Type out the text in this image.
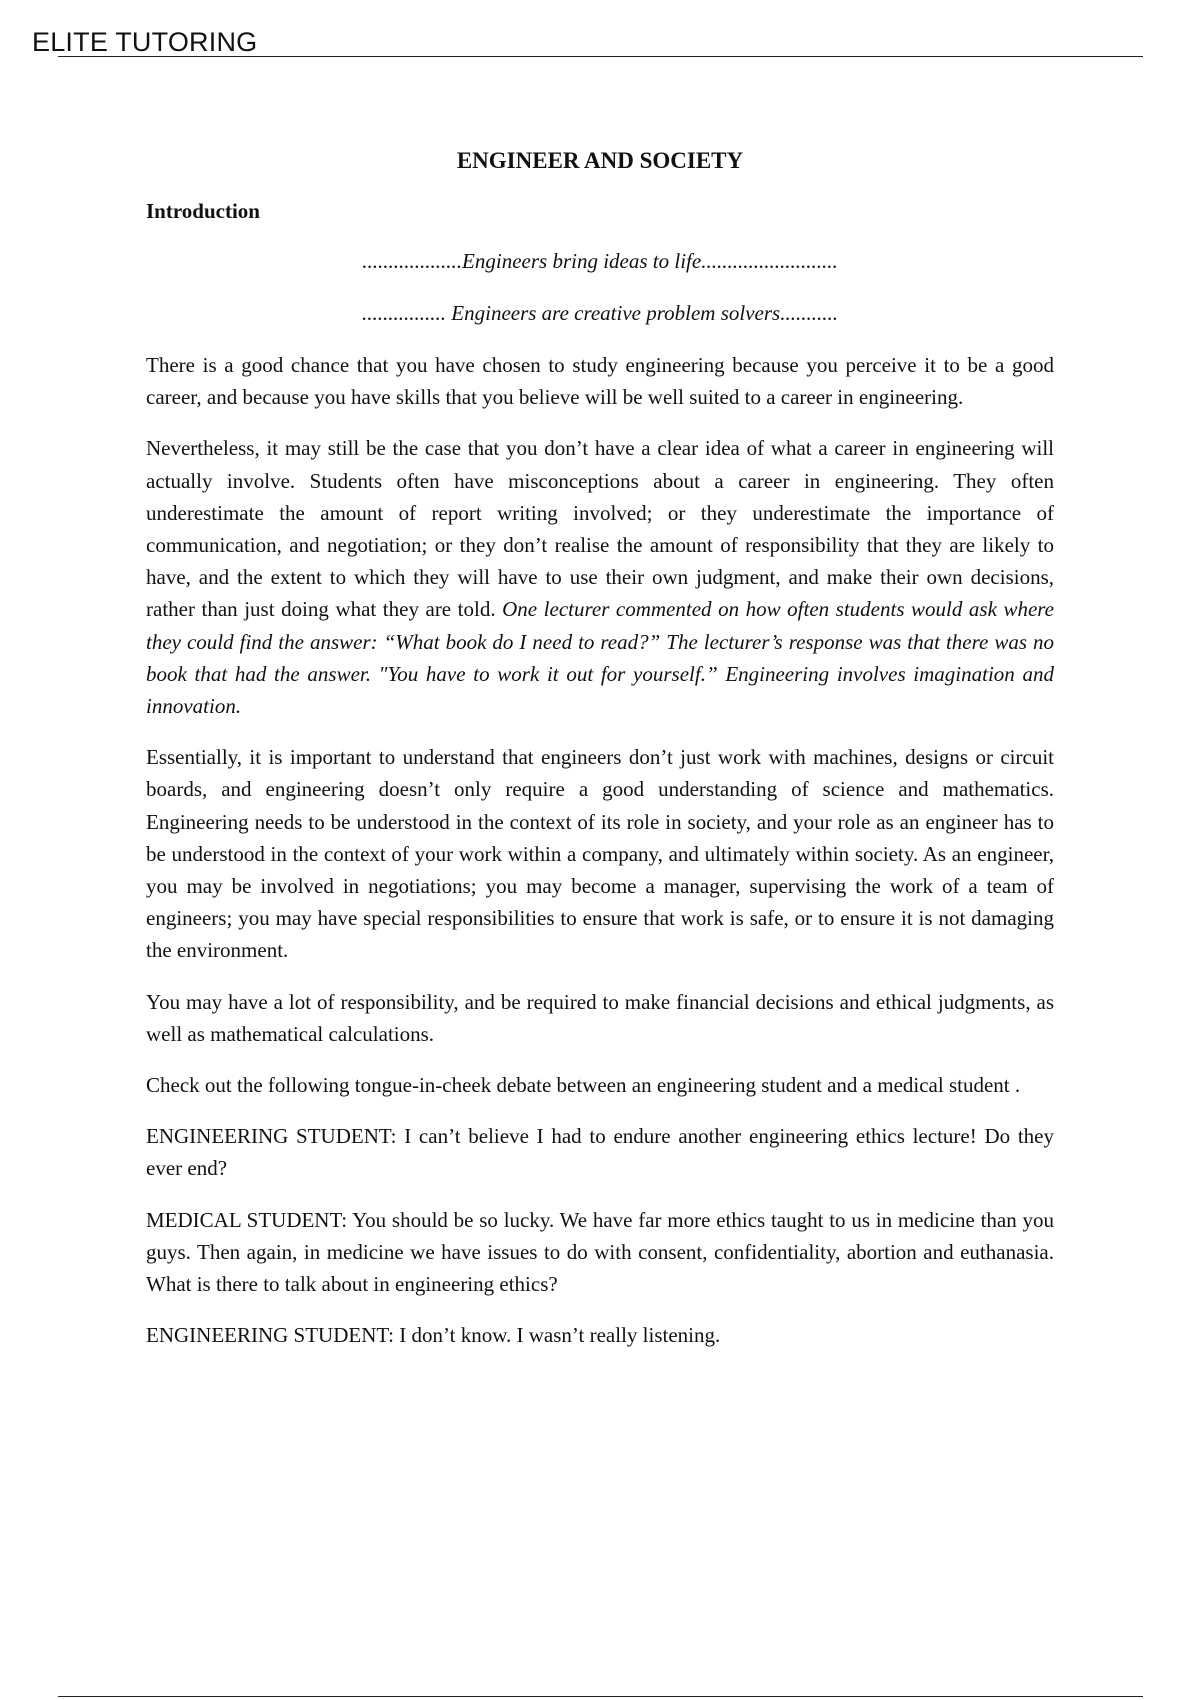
ELITE TUTORING
ENGINEER AND SOCIETY
Introduction
...................Engineers bring ideas to life..........................
................ Engineers are creative problem solvers...........

There is a good chance that you have chosen to study engineering because you perceive it to be a good career, and because you have skills that you believe will be well suited to a career in engineering.

Nevertheless, it may still be the case that you don’t have a clear idea of what a career in engineering will actually involve. Students often have misconceptions about a career in engineering. They often underestimate the amount of report writing involved; or they underestimate the importance of communication, and negotiation; or they don’t realise the amount of responsibility that they are likely to have, and the extent to which they will have to use their own judgment, and make their own decisions, rather than just doing what they are told. One lecturer commented on how often students would ask where they could find the answer: “What book do I need to read?” The lecturer’s response was that there was no book that had the answer. "You have to work it out for yourself.” Engineering involves imagination and innovation.

Essentially, it is important to understand that engineers don’t just work with machines, designs or circuit boards, and engineering doesn’t only require a good understanding of science and mathematics. Engineering needs to be understood in the context of its role in society, and your role as an engineer has to be understood in the context of your work within a company, and ultimately within society. As an engineer, you may be involved in negotiations; you may become a manager, supervising the work of a team of engineers; you may have special responsibilities to ensure that work is safe, or to ensure it is not damaging the environment.

You may have a lot of responsibility, and be required to make financial decisions and ethical judgments, as well as mathematical calculations.

Check out the following tongue-in-cheek debate between an engineering student and a medical student .

ENGINEERING STUDENT: I can’t believe I had to endure another engineering ethics lecture! Do they ever end?

MEDICAL STUDENT: You should be so lucky. We have far more ethics taught to us in medicine than you guys. Then again, in medicine we have issues to do with consent, confidentiality, abortion and euthanasia. What is there to talk about in engineering ethics?

ENGINEERING STUDENT: I don’t know. I wasn’t really listening.
